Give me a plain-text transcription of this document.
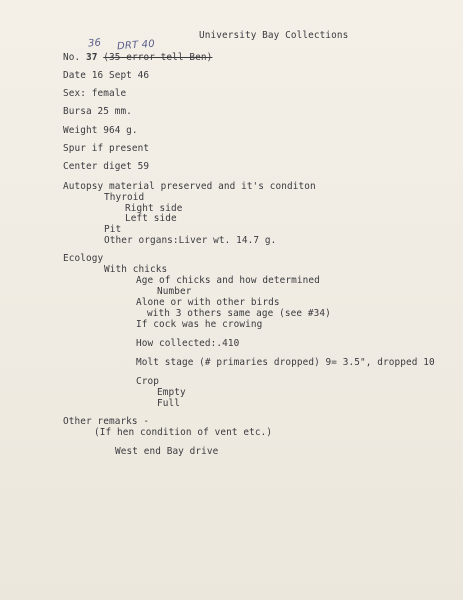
University Bay Collections
36 DRT 40
No. 37 (35 error tell Ben)
Date 16 Sept 46
Sex: female
Bursa 25 mm.
Weight 964 g.
Spur if present
Center diget 59
Autopsy material preserved and it's conditon
Thyroid
Right side
Left side
Pit
Other organs:Liver wt. 14.7 g.
Ecology
With chicks
Age of chicks and how determined
Number
Alone or with other birds
with 3 others same age (see #34)
If cock was he crowing
How collected:.410
Molt stage (# primaries dropped) 9= 3.5", dropped 10
Crop
Empty
Full
Other remarks -
(If hen condition of vent etc.)
West end Bay drive
